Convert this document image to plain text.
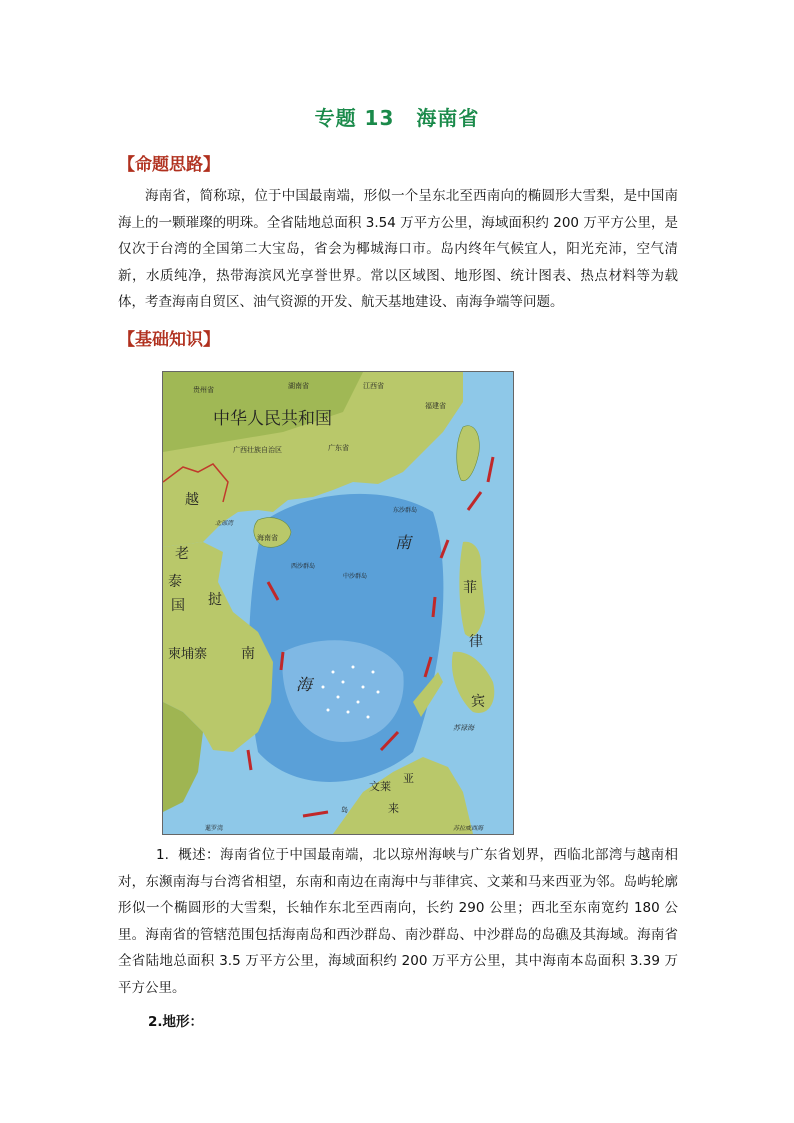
专题 13 海南省
【命题思路】
海南省，简称琼，位于中国最南端，形似一个呈东北至西南向的椭圆形大雪梨，是中国南海上的一颗璀璨的明珠。全省陆地总面积 3.54 万平方公里，海域面积约 200 万平方公里，是仅次于台湾的全国第二大宝岛，省会为椰城海口市。岛内终年气候宜人，阳光充沛，空气清新，水质纯净，热带海滨风光享誉世界。常以区域图、地形图、统计图表、热点材料等为载体，考查海南自贸区、油气资源的开发、航天基地建设、南海争端等问题。
【基础知识】
中华人民共和国
贵州省	湖南省	江西省
福建省
广西壮族自治区	广东省
海南省
北部湾
东沙群岛
西沙群岛
中沙群岛
越
老
泰
国 挝
柬埔寨 南
南
海
菲
律
宾
苏禄海
文莱
亚
来
岛
苏拉威西海
暹罗湾
1. 概述：海南省位于中国最南端，北以琼州海峡与广东省划界，西临北部湾与越南相对，东濒南海与台湾省相望，东南和南边在南海中与菲律宾、文莱和马来西亚为邻。岛屿轮廓形似一个椭圆形的大雪梨，长轴作东北至西南向，长约 290 公里；西北至东南宽约 180 公里。海南省的管辖范围包括海南岛和西沙群岛、南沙群岛、中沙群岛的岛礁及其海域。海南省全省陆地总面积 3.5 万平方公里，海域面积约 200 万平方公里，其中海南本岛面积 3.39 万平方公里。
2.地形：
